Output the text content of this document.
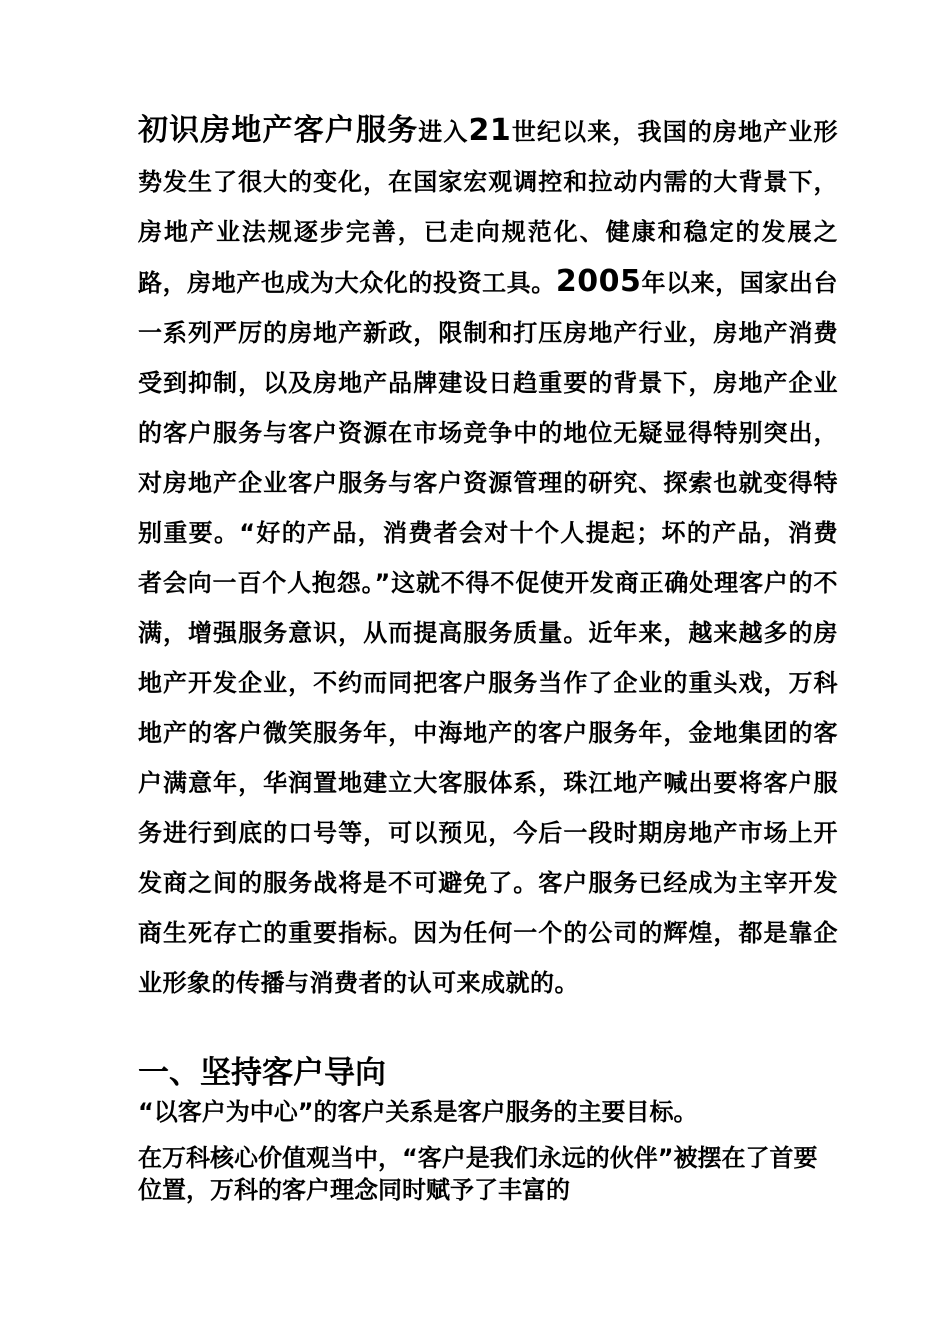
初识房地产客户服务进入21世纪以来，我国的房地产业形势发生了很大的变化，在国家宏观调控和拉动内需的大背景下，房地产业法规逐步完善，已走向规范化、健康和稳定的发展之路，房地产也成为大众化的投资工具。2005年以来，国家出台一系列严厉的房地产新政，限制和打压房地产行业，房地产消费受到抑制，以及房地产品牌建设日趋重要的背景下，房地产企业的客户服务与客户资源在市场竞争中的地位无疑显得特别突出，对房地产企业客户服务与客户资源管理的研究、探索也就变得特别重要。“好的产品，消费者会对十个人提起；坏的产品，消费者会向一百个人抱怨。”这就不得不促使开发商正确处理客户的不满，增强服务意识，从而提高服务质量。近年来，越来越多的房地产开发企业，不约而同把客户服务当作了企业的重头戏，万科地产的客户微笑服务年，中海地产的客户服务年，金地集团的客户满意年，华润置地建立大客服体系，珠江地产喊出要将客户服务进行到底的口号等，可以预见，今后一段时期房地产市场上开发商之间的服务战将是不可避免了。客户服务已经成为主宰开发商生死存亡的重要指标。因为任何一个的公司的辉煌，都是靠企业形象的传播与消费者的认可来成就的。

一、坚持客户导向

“以客户为中心”的客户关系是客户服务的主要目标。

在万科核心价值观当中，“客户是我们永远的伙伴”被摆在了首要位置，万科的客户理念同时赋予了丰富的
